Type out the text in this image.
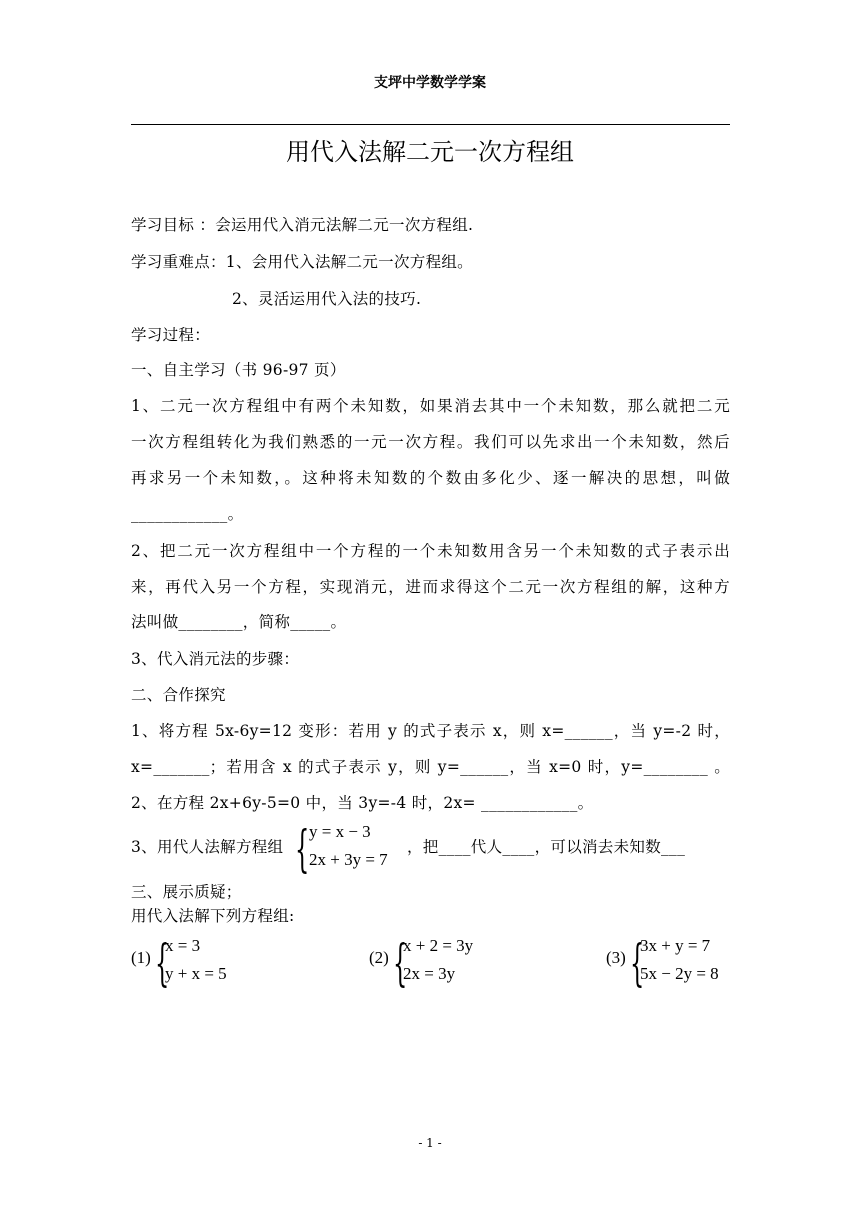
支坪中学数学学案
用代入法解二元一次方程组
学习目标 ：会运用代入消元法解二元一次方程组.
学习重难点：1、会用代入法解二元一次方程组。
2、灵活运用代入法的技巧.
学习过程：
一、自主学习（书 96-97 页）
1、二元一次方程组中有两个未知数，如果消去其中一个未知数，那么就把二元
一次方程组转化为我们熟悉的一元一次方程。我们可以先求出一个未知数，然后
再求另一个未知数，。这种将未知数的个数由多化少、逐一解决的思想，叫做
____________。
2、把二元一次方程组中一个方程的一个未知数用含另一个未知数的式子表示出
来，再代入另一个方程，实现消元，进而求得这个二元一次方程组的解，这种方
法叫做________，简称_____。
3、代入消元法的步骤：
二、合作探究
1、将方程 5x-6y=12 变形：若用 y 的式子表示 x，则 x=______，当 y=-2 时，
x=_______；若用含 x 的式子表示 y，则 y=______，当 x=0 时，y=________ 。
2、在方程 2x+6y-5=0 中，当 3y=-4 时，2x= ____________。
3、用代人法解方程组 { y = x − 3
2x + 3y = 7
，把____代人____，可以消去未知数___
三、展示质疑；
用代入法解下列方程组:
(1) {
x = 3
y + x = 5
(2) {
x + 2 = 3y
2x = 3y
(3) {
3x + y = 7
5x − 2y = 8
- 1 -
